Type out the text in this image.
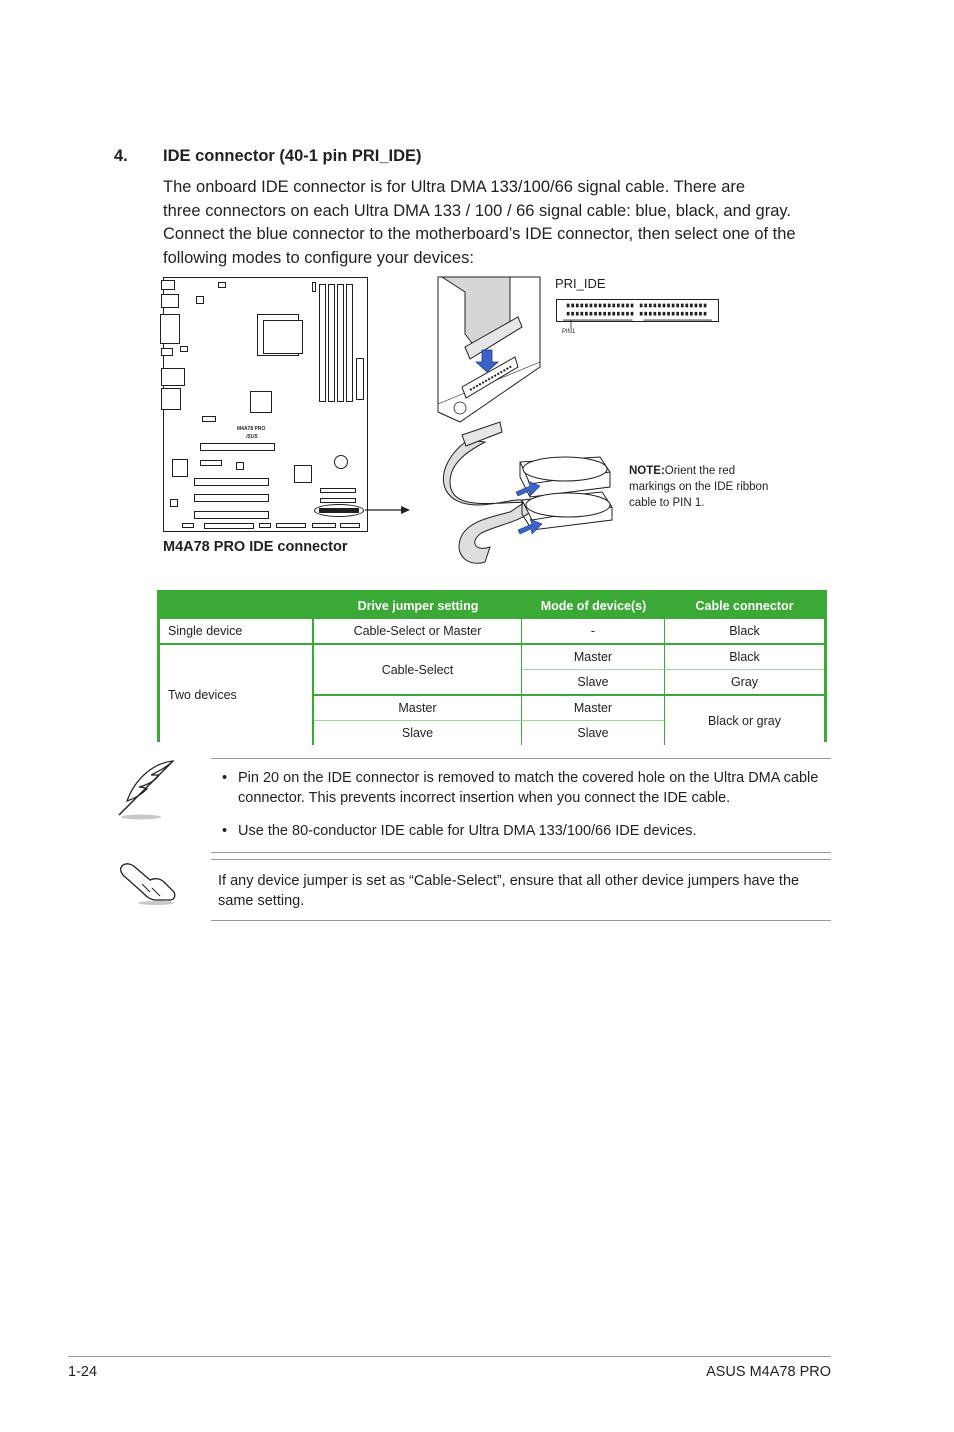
4. IDE connector (40-1 pin PRI_IDE)
The onboard IDE connector is for Ultra DMA 133/100/66 signal cable. There are
three connectors on each Ultra DMA 133 / 100 / 66 signal cable: blue, black, and gray.
Connect the blue connector to the motherboard’s IDE connector, then select one of the
following modes to configure your devices:
M4A78 PRO
/SUS
M4A78 PRO IDE connector
PRI_IDE
PIN1
NOTE:Orient the red markings on the IDE ribbon cable to PIN 1.
	Drive jumper setting	Mode of device(s)	Cable connector
Single device	Cable-Select or Master	-	Black
Two devices	Cable-Select	Master	Black
		Slave	Gray
	Master	Master	Black or gray
	Slave	Slave	
• Pin 20 on the IDE connector is removed to match the covered hole on the Ultra DMA cable connector. This prevents incorrect insertion when you connect the IDE cable.
• Use the 80-conductor IDE cable for Ultra DMA 133/100/66 IDE devices.
If any device jumper is set as “Cable-Select”, ensure that all other device jumpers have the same setting.
1-24	ASUS M4A78 PRO
